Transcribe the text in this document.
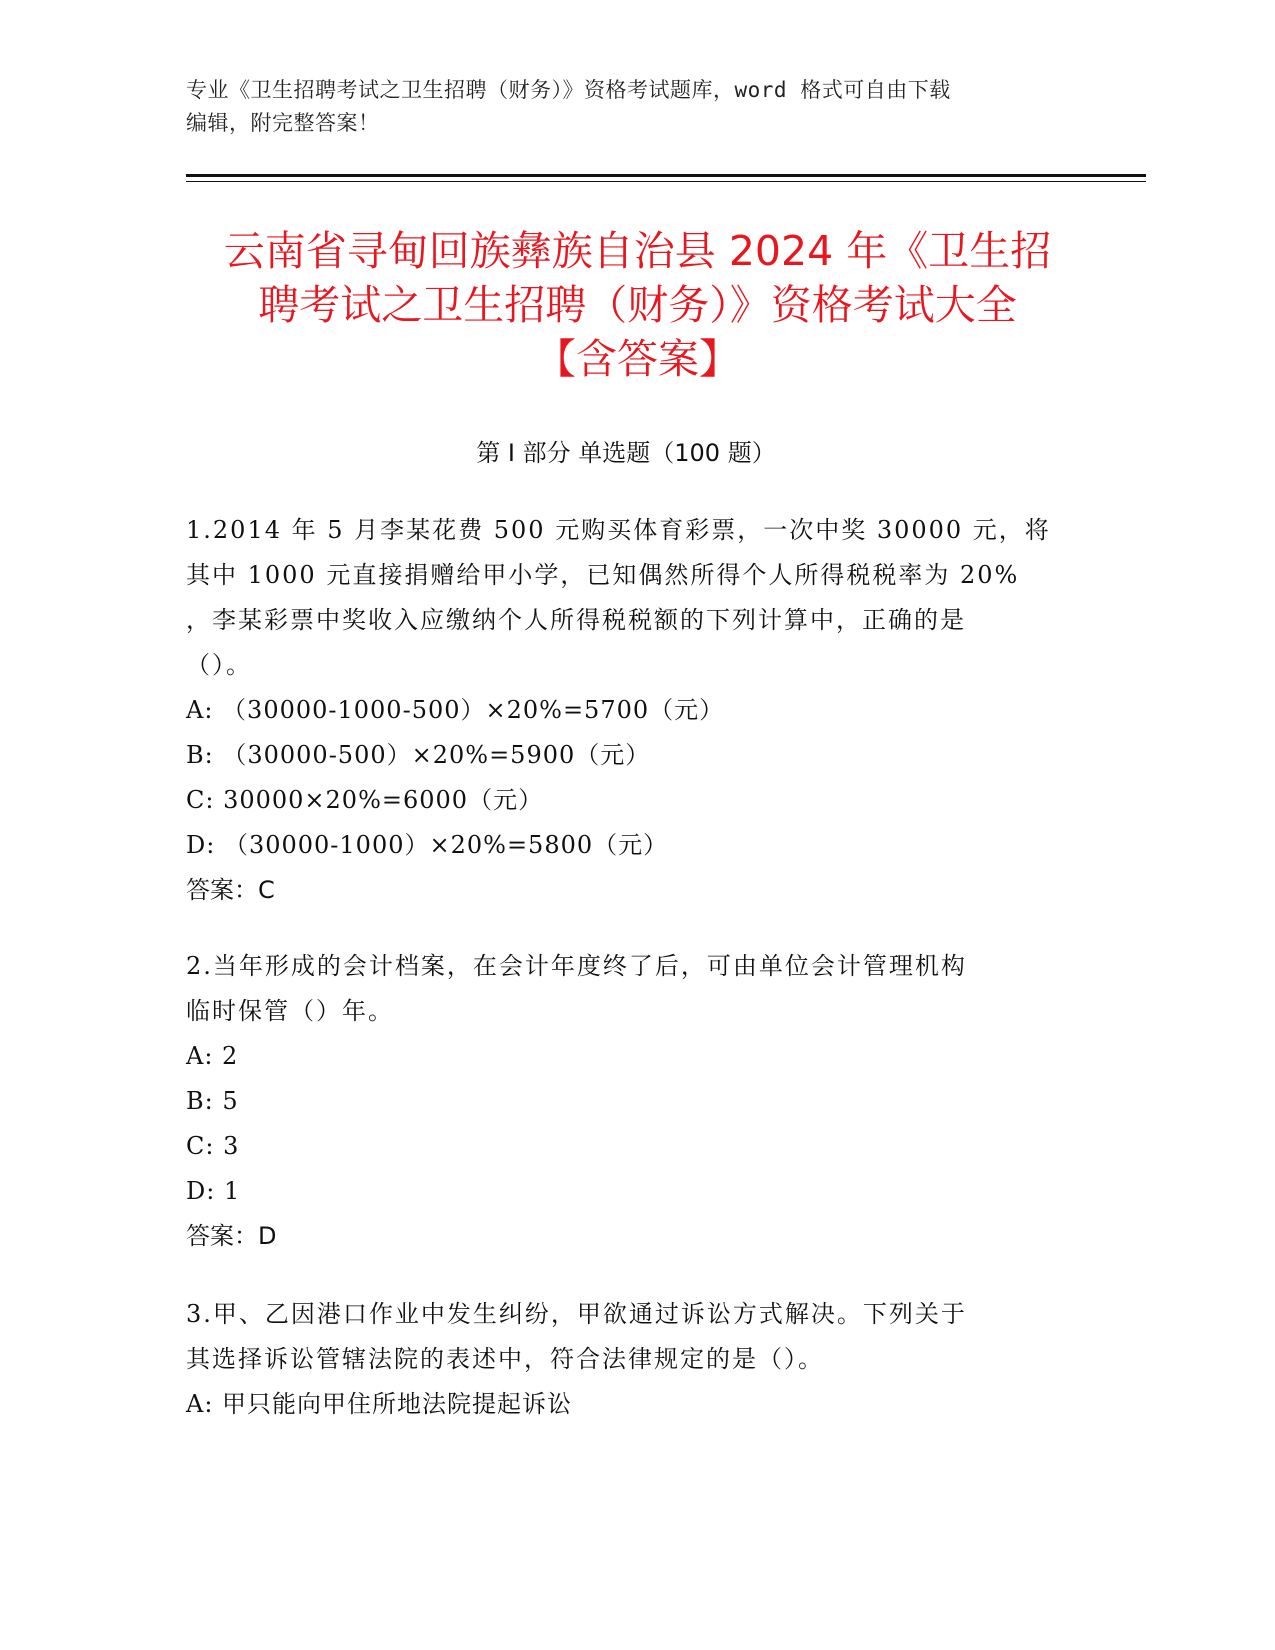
专业《卫生招聘考试之卫生招聘（财务）》资格考试题库，word 格式可自由下载
编辑，附完整答案！
云南省寻甸回族彝族自治县 2024 年《卫生招
聘考试之卫生招聘（财务）》资格考试大全
【含答案】
第 I 部分 单选题（100 题）

1.2014 年 5 月李某花费 500 元购买体育彩票，一次中奖 30000 元，将

其中 1000 元直接捐赠给甲小学，已知偶然所得个人所得税税率为 20%

，李某彩票中奖收入应缴纳个人所得税税额的下列计算中，正确的是

（）。

A: （30000-1000-500）×20%=5700（元）

B: （30000-500）×20%=5900（元）

C: 30000×20%=6000（元）

D: （30000-1000）×20%=5800（元）

答案：C

2.当年形成的会计档案，在会计年度终了后，可由单位会计管理机构

临时保管（）年。

A: 2

B: 5

C: 3

D: 1

答案：D

3.甲、乙因港口作业中发生纠纷，甲欲通过诉讼方式解决。下列关于

其选择诉讼管辖法院的表述中，符合法律规定的是（）。

A: 甲只能向甲住所地法院提起诉讼
